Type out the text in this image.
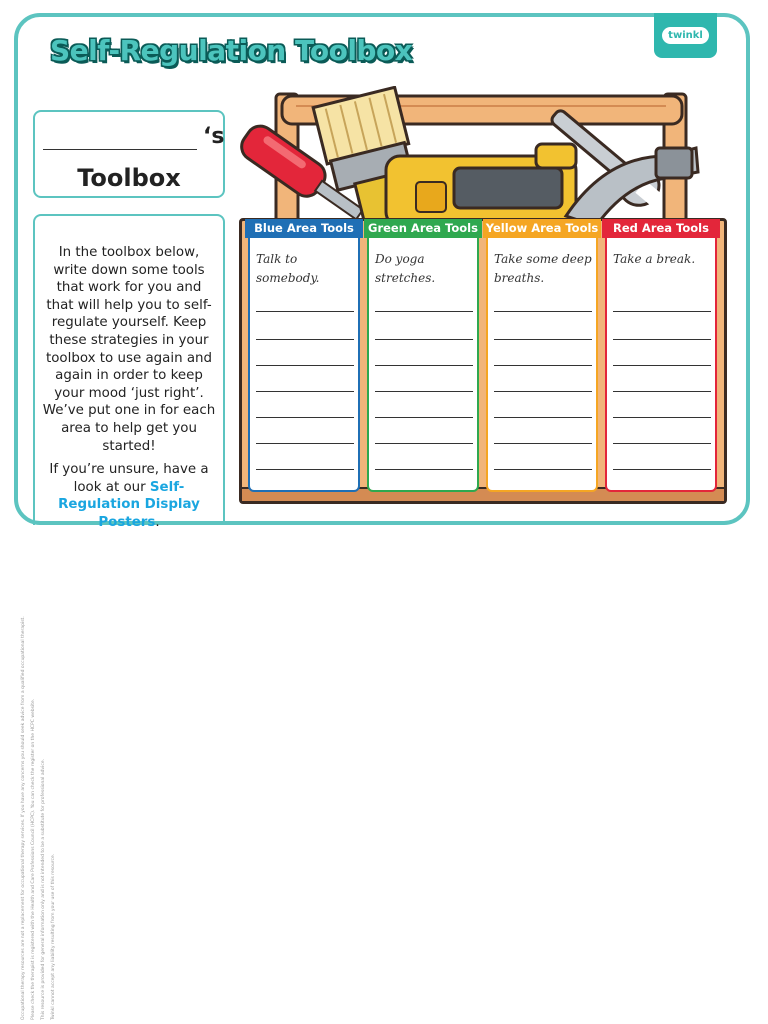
Self-Regulation Toolbox	twinkl
‘s
Toolbox

In the toolbox below, write down some tools that work for you and that will help you to self-regulate yourself. Keep these strategies in your toolbox to use again and again in order to keep your mood ‘just right’. We’ve put one in for each area to help get you started!

If you’re unsure, have a look at our Self-Regulation Display Posters.

Talk to somebody.
Blue Area Tools
Do yoga stretches.
Green Area Tools
Take some deep breaths.
Yellow Area Tools
Take a break.
Red Area Tools
Occupational therapy resources are not a replacement for occupational therapy services. If you have any concerns you should seek advice from a qualified occupational therapist. Please check the therapist is registered with the Health and Care Professions Council (HCPC). You can check the register on the HCPC website. This resource is provided for general information only and is not intended to be a substitute for professional advice. Twinkl cannot accept any liability resulting from your use of this resource.
